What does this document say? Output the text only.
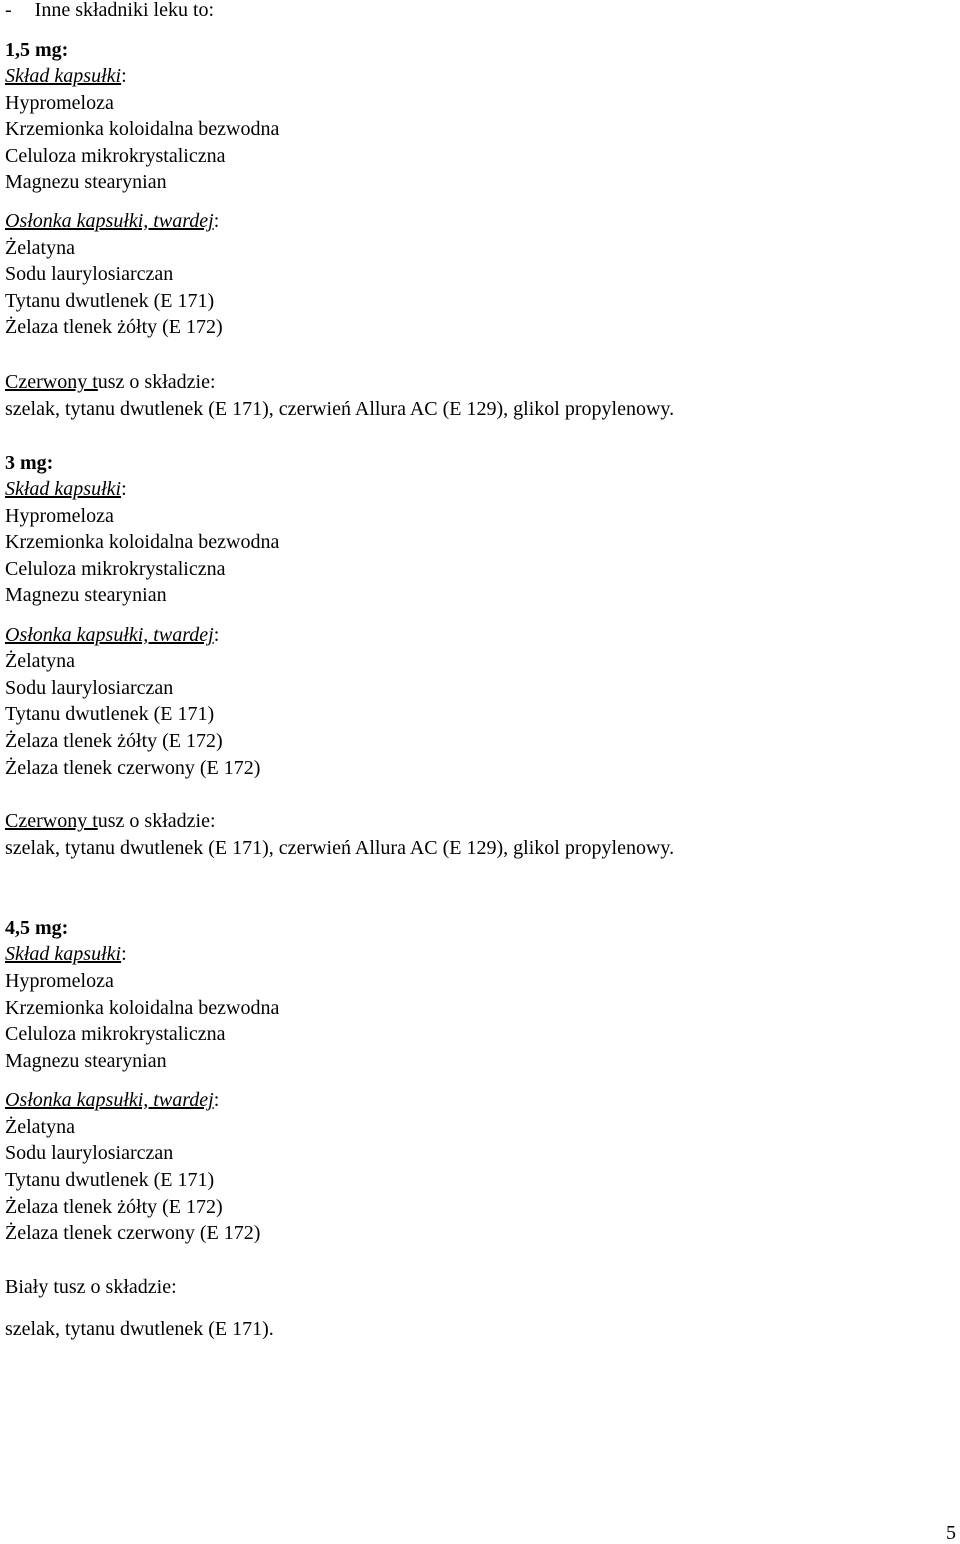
- Inne składniki leku to:
1,5 mg:
Skład kapsułki:
Hypromeloza
Krzemionka koloidalna bezwodna
Celuloza mikrokrystaliczna
Magnezu stearynian
Osłonka kapsułki, twardej:
Żelatyna
Sodu laurylosiarczan
Tytanu dwutlenek (E 171)
Żelaza tlenek żółty (E 172)
Czerwony tusz o składzie:
szelak, tytanu dwutlenek (E 171), czerwień Allura AC (E 129), glikol propylenowy.
3 mg:
Skład kapsułki:
Hypromeloza
Krzemionka koloidalna bezwodna
Celuloza mikrokrystaliczna
Magnezu stearynian
Osłonka kapsułki, twardej:
Żelatyna
Sodu laurylosiarczan
Tytanu dwutlenek (E 171)
Żelaza tlenek żółty (E 172)
Żelaza tlenek czerwony (E 172)
Czerwony tusz o składzie:
szelak, tytanu dwutlenek (E 171), czerwień Allura AC (E 129), glikol propylenowy.
4,5 mg:
Skład kapsułki:
Hypromeloza
Krzemionka koloidalna bezwodna
Celuloza mikrokrystaliczna
Magnezu stearynian
Osłonka kapsułki, twardej:
Żelatyna
Sodu laurylosiarczan
Tytanu dwutlenek (E 171)
Żelaza tlenek żółty (E 172)
Żelaza tlenek czerwony (E 172)
Biały tusz o składzie:
szelak, tytanu dwutlenek (E 171).
5
